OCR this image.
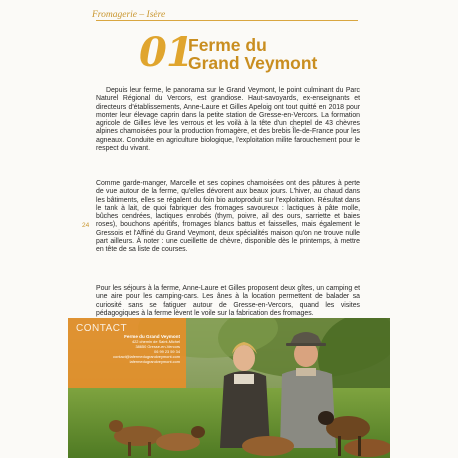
Fromagerie – Isère
01
Ferme du
Grand Veymont

Depuis leur ferme, le panorama sur le Grand Veymont, le point culminant du Parc Naturel Régional du Vercors, est grandiose. Haut-savoyards, ex-enseignants et directeurs d'établissements, Anne-Laure et Gilles Apeloig ont tout quitté en 2018 pour monter leur élevage caprin dans la petite station de Gresse-en-Vercors. La formation agricole de Gilles lève les verrous et les voilà à la tête d'un cheptel de 43 chèvres alpines chamoisées pour la production fromagère, et des brebis Île-de-France pour les agneaux. Conduite en agriculture biologique, l'exploitation milite farouchement pour le respect du vivant.

Comme garde-manger, Marcelle et ses copines chamoisées ont des pâtures à perte de vue autour de la ferme, qu'elles dévorent aux beaux jours. L'hiver, au chaud dans les bâtiments, elles se régalent du foin bio autoproduit sur l'exploitation. Résultat dans le tank à lait, de quoi fabriquer des fromages savoureux : lactiques à pâte molle, bûches cendrées, lactiques enrobés (thym, poivre, ail des ours, sarriette et baies roses), bouchons apéritifs, fromages blancs battus et faisselles, mais également le Gressois et l'Affiné du Grand Veymont, deux spécialités maison qu'on ne trouve nulle part ailleurs. À noter : une cueillette de chèvre, disponible dès le printemps, à mettre en tête de sa liste de courses.

Pour les séjours à la ferme, Anne-Laure et Gilles proposent deux gîtes, un camping et une aire pour les camping-cars. Les ânes à la location permettent de balader sa curiosité sans se fatiguer autour de Gresse-en-Vercors, quand les visites pédagogiques à la ferme lèvent le voile sur la fabrication des fromages.

24
CONTACT
Ferme du Grand Veymont
422 chemin de Saint-Michel
38650 Gresse-en-Vercors
06 99 23 59 34
contact@lafermedugrandveymont.com
lafermedugrandveymont.com
